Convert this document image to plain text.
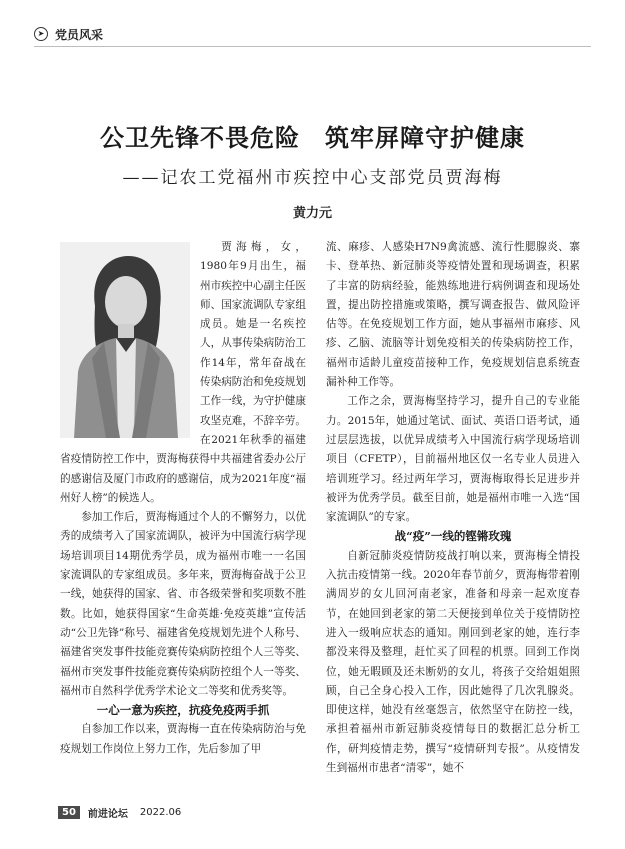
➤ 党员风采
公卫先锋不畏危险　筑牢屏障守护健康
——记农工党福州市疾控中心支部党员贾海梅
黄力元

贾海梅，女，1980年9月出生，福州市疾控中心副主任医师、国家流调队专家组成员。她是一名疾控人，从事传染病防治工作14年，常年奋战在传染病防治和免疫规划工作一线，为守护健康攻坚克难，不辞辛劳。在2021年秋季的福建省疫情防控工作中，贾海梅获得中共福建省委办公厅的感谢信及厦门市政府的感谢信，成为2021年度“福州好人榜”的候选人。

参加工作后，贾海梅通过个人的不懈努力，以优秀的成绩考入了国家流调队，被评为中国流行病学现场培训项目14期优秀学员，成为福州市唯一一名国家流调队的专家组成员。多年来，贾海梅奋战于公卫一线，她获得的国家、省、市各级荣誉和奖项数不胜数。比如，她获得国家“生命英雄·免疫英雄”宣传活动“公卫先锋”称号、福建省免疫规划先进个人称号、福建省突发事件技能竞赛传染病防控组个人三等奖、福州市突发事件技能竞赛传染病防控组个人一等奖、福州市自然科学优秀学术论文二等奖和优秀奖等。

一心一意为疾控，抗疫免疫两手抓

自参加工作以来，贾海梅一直在传染病防治与免疫规划工作岗位上努力工作，先后参加了甲

流、麻疹、人感染H7N9禽流感、流行性腮腺炎、寨卡、登革热、新冠肺炎等疫情处置和现场调查，积累了丰富的防病经验，能熟练地进行病例调查和现场处置，提出防控措施或策略，撰写调查报告、做风险评估等。在免疫规划工作方面，她从事福州市麻疹、风疹、乙脑、流脑等计划免疫相关的传染病防控工作，福州市适龄儿童疫苗接种工作，免疫规划信息系统查漏补种工作等。

工作之余，贾海梅坚持学习，提升自己的专业能力。2015年，她通过笔试、面试、英语口语考试，通过层层选拔，以优异成绩考入中国流行病学现场培训项目（CFETP），目前福州地区仅一名专业人员进入培训班学习。经过两年学习，贾海梅取得长足进步并被评为优秀学员。截至目前，她是福州市唯一入选“国家流调队”的专家。

战“疫”一线的铿锵玫瑰

自新冠肺炎疫情防疫战打响以来，贾海梅全情投入抗击疫情第一线。2020年春节前夕，贾海梅带着刚满周岁的女儿回河南老家，准备和母亲一起欢度春节，在她回到老家的第二天便接到单位关于疫情防控进入一级响应状态的通知。刚回到老家的她，连行李都没来得及整理，赶忙买了回程的机票。回到工作岗位，她无暇顾及还未断奶的女儿，将孩子交给姐姐照顾，自己全身心投入工作，因此她得了几次乳腺炎。即使这样，她没有丝毫怨言，依然坚守在防控一线，承担着福州市新冠肺炎疫情每日的数据汇总分析工作，研判疫情走势，撰写“疫情研判专报”。从疫情发生到福州市患者“清零”，她不

50	前进论坛 2022.06
